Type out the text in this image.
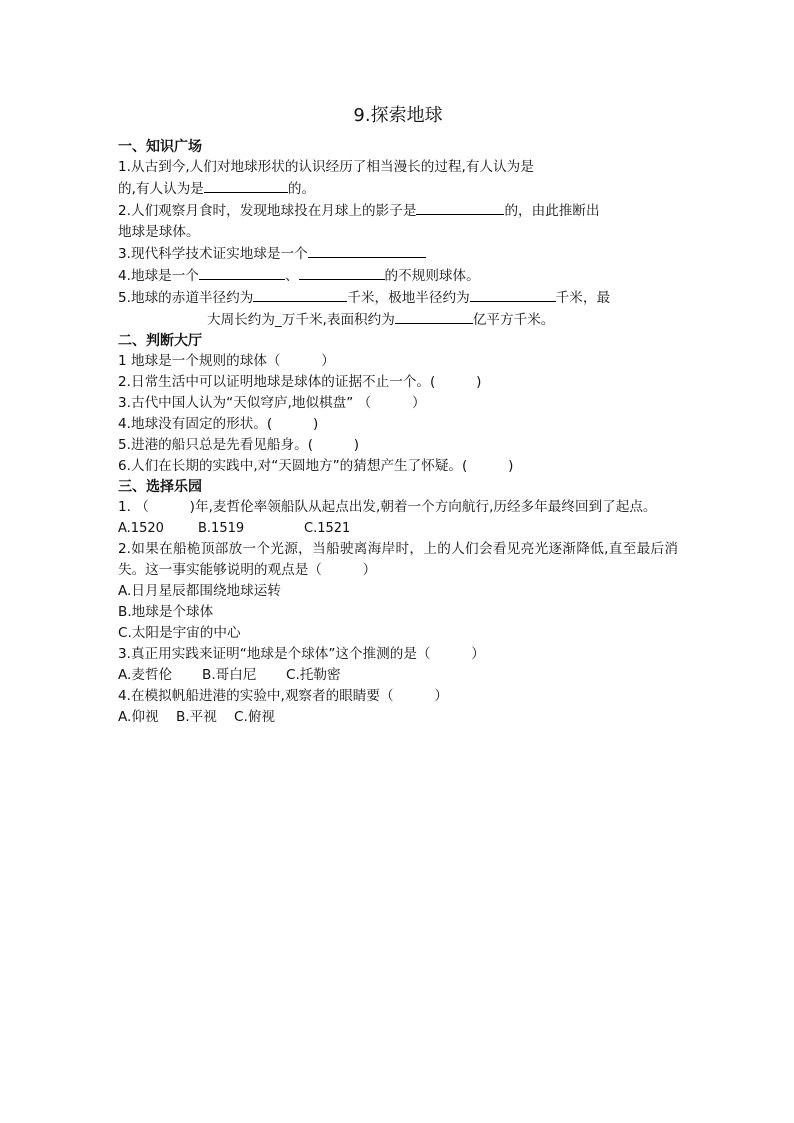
9.探索地球
一、知识广场
1.从古到今,人们对地球形状的认识经历了相当漫长的过程,有人认为是
的,有人认为是	的。
2.人们观察月食时，发现地球投在月球上的影子是	的，由此推断出
地球是球体。
3.现代科学技术证实地球是一个
4.地球是一个	、	的不规则球体。
5.地球的赤道半径约为	千米，极地半径约为	千米，最
大周长约为_万千米,表面积约为	亿平方千米。
二、判断大厅
1 地球是一个规则的球体（　　　）
2.日常生活中可以证明地球是球体的证据不止一个。(　　　)
3.古代中国人认为“天似穹庐,地似棋盘” （　　　）
4.地球没有固定的形状。(　　　)
5.进港的船只总是先看见船身。(　　　)
6.人们在长期的实践中,对“天圆地方”的猜想产生了怀疑。(　　　)
三、选择乐园
1. （　　　)年,麦哲伦率领船队从起点出发,朝着一个方向航行,历经多年最终回到了起点。
A.1520	B.1519	C.1521
2.如果在船桅顶部放一个光源，当船驶离海岸时，上的人们会看见亮光逐渐降低,直至最后消失。这一事实能够说明的观点是（　　　）
A.日月星辰都围绕地球运转
B.地球是个球体
C.太阳是宇宙的中心
3.真正用实践来证明“地球是个球体”这个推测的是（　　　）
A.麦哲伦 B.哥白尼 C.托勒密
4.在模拟帆船进港的实验中,观察者的眼睛要（　　　）
A.仰视 B.平视 C.俯视
